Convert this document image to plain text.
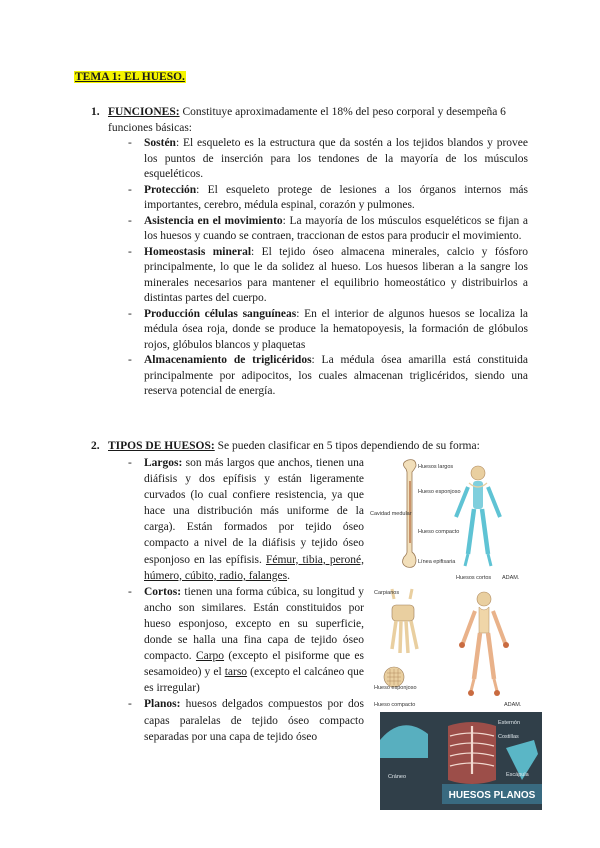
TEMA 1: EL HUESO.
1. FUNCIONES: Constituye aproximadamente el 18% del peso corporal y desempeña 6
funciones básicas:
- Sostén: El esqueleto es la estructura que da sostén a los tejidos blandos y provee los puntos de inserción para los tendones de la mayoría de los músculos esqueléticos.
- Protección: El esqueleto protege de lesiones a los órganos internos más importantes, cerebro, médula espinal, corazón y pulmones.
- Asistencia en el movimiento: La mayoría de los músculos esqueléticos se fijan a los huesos y cuando se contraen, traccionan de estos para producir el movimiento.
- Homeostasis mineral: El tejido óseo almacena minerales, calcio y fósforo principalmente, lo que le da solidez al hueso. Los huesos liberan a la sangre los minerales necesarios para mantener el equilibrio homeostático y distribuirlos a distintas partes del cuerpo.
- Producción células sanguíneas: En el interior de algunos huesos se localiza la médula ósea roja, donde se produce la hematopoyesis, la formación de glóbulos rojos, glóbulos blancos y plaquetas
- Almacenamiento de triglicéridos: La médula ósea amarilla está constituida principalmente por adipocitos, los cuales almacenan triglicéridos, siendo una reserva potencial de energía.
2. TIPOS DE HUESOS: Se pueden clasificar en 5 tipos dependiendo de su forma:
- Largos: son más largos que anchos, tienen una diáfisis y dos epífisis y están ligeramente curvados (lo cual confiere resistencia, ya que hace una distribución más uniforme de la carga). Están formados por tejido óseo compacto a nivel de la diáfisis y tejido óseo esponjoso en las epífisis. Fémur, tibia, peroné, húmero, cúbito, radio, falanges.
- Cortos: tienen una forma cúbica, su longitud y ancho son similares. Están constituidos por hueso esponjoso, excepto en su superficie, donde se halla una fina capa de tejido óseo compacto. Carpo (excepto el pisiforme que es sesamoideo) y el tarso (excepto el calcáneo que es irregular)
- Planos: huesos delgados compuestos por dos capas paralelas de tejido óseo compacto separadas por una capa de tejido óseo
Huesos largos
Hueso esponjoso
Cavidad medular
Hueso compacto
Línea epifisaria
Huesos cortos ADAM.
Carpianos
Hueso esponjoso
Hueso compacto	ADAM.
HUESOS PLANOS
Esternón
Costillas
Escápula
Cráneo
